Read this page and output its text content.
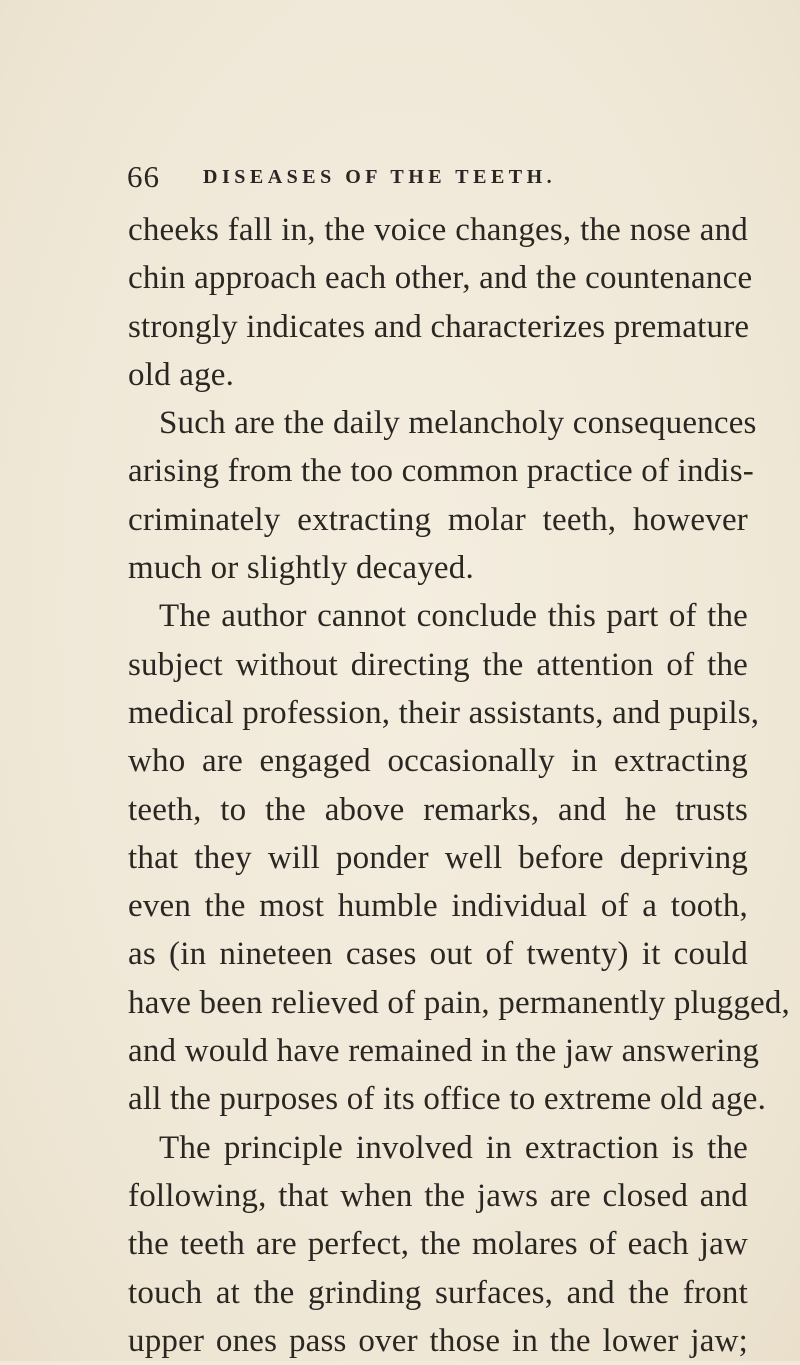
66 DISEASES OF THE TEETH.
cheeks fall in, the voice changes, the nose and
chin approach each other, and the countenance
strongly indicates and characterizes premature
old age.
Such are the daily melancholy consequences
arising from the too common practice of indis-
criminately extracting molar teeth, however
much or slightly decayed.
The author cannot conclude this part of the
subject without directing the attention of the
medical profession, their assistants, and pupils,
who are engaged occasionally in extracting
teeth, to the above remarks, and he trusts
that they will ponder well before depriving
even the most humble individual of a tooth,
as (in nineteen cases out of twenty) it could
have been relieved of pain, permanently plugged,
and would have remained in the jaw answering
all the purposes of its office to extreme old age.
The principle involved in extraction is the
following, that when the jaws are closed and
the teeth are perfect, the molares of each jaw
touch at the grinding surfaces, and the front
upper ones pass over those in the lower jaw;
